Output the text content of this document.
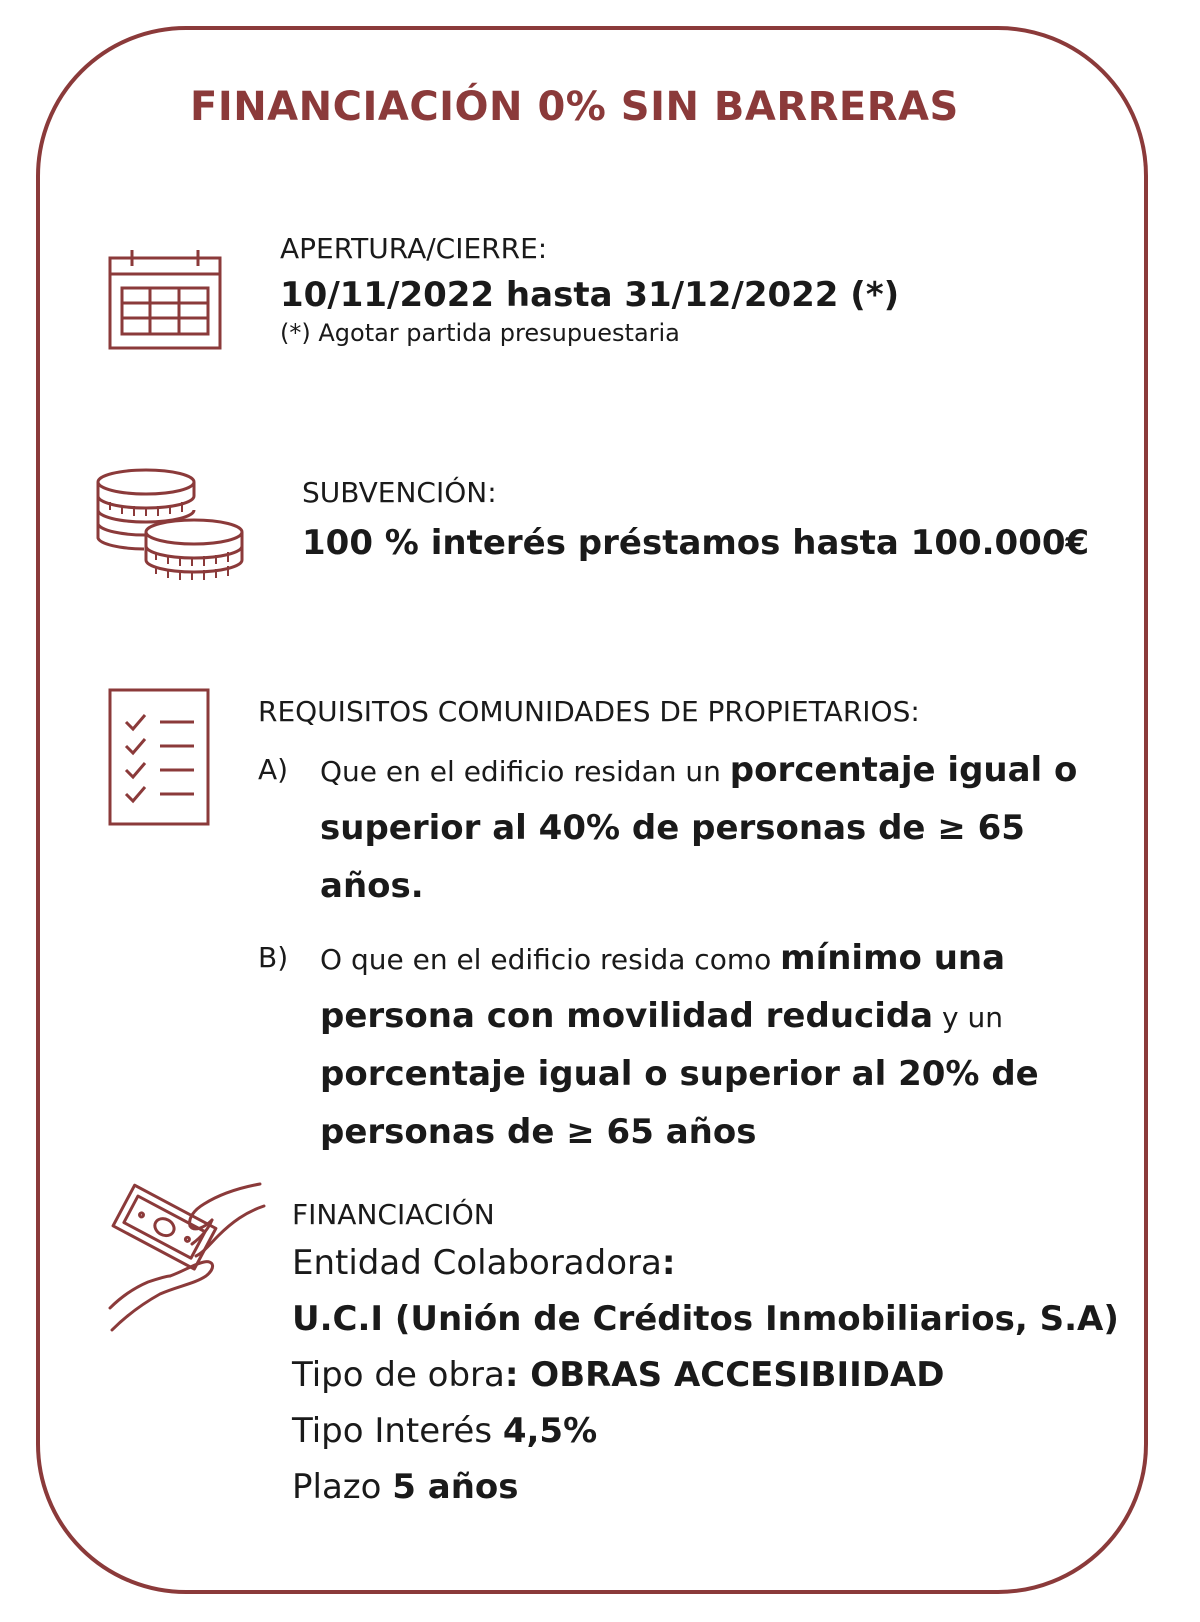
FINANCIACIÓN 0% SIN BARRERAS
APERTURA/CIERRE:
10/11/2022 hasta 31/12/2022 (*)
(*) Agotar partida presupuestaria
SUBVENCIÓN:
100 % interés préstamos hasta 100.000€
REQUISITOS COMUNIDADES DE PROPIETARIOS:
A)	Que en el edificio residan un porcentaje igual o superior al 40% de personas de ≥ 65 años.
B)	O que en el edificio resida como mínimo una persona con movilidad reducida y un porcentaje igual o superior al 20% de personas de ≥ 65 años
FINANCIACIÓN
Entidad Colaboradora:
U.C.I (Unión de Créditos Inmobiliarios, S.A)
Tipo de obra: OBRAS ACCESIBIIDAD
Tipo Interés 4,5%
Plazo 5 años
